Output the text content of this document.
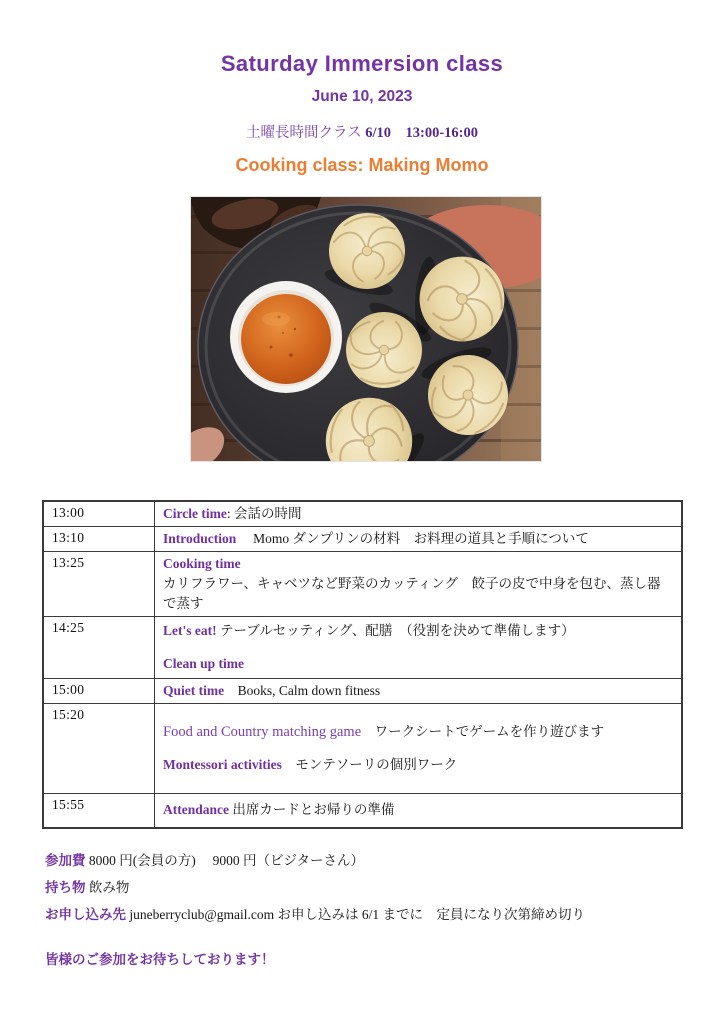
Saturday Immersion class
June 10, 2023
土曜長時間クラス 6/10　13:00-16:00
Cooking class: Making Momo
13:00	Circle time: 会話の時間

13:10	Introduction　 Momo ダンプリンの材料　お料理の道具と手順について

13:25	Cooking time
カリフラワー、キャベツなど野菜のカッティング　餃子の皮で中身を包む、蒸し器で蒸す

14:25	Let's eat! テーブルセッティング、配膳　（役割を決めて準備します）
Clean up time

15:00	Quiet time　Books, Calm down fitness

15:20	Food and Country matching game　ワークシートでゲームを作り遊びます
Montessori activities　モンテソーリの個別ワーク

15:55	Attendance 出席カードとお帰りの準備
参加費 8000 円(会員の方)　 9000 円（ビジターさん）
持ち物 飲み物
お申し込み先 juneberryclub@gmail.com お申し込みは 6/1 までに　定員になり次第締め切り
皆様のご参加をお待ちしております！
